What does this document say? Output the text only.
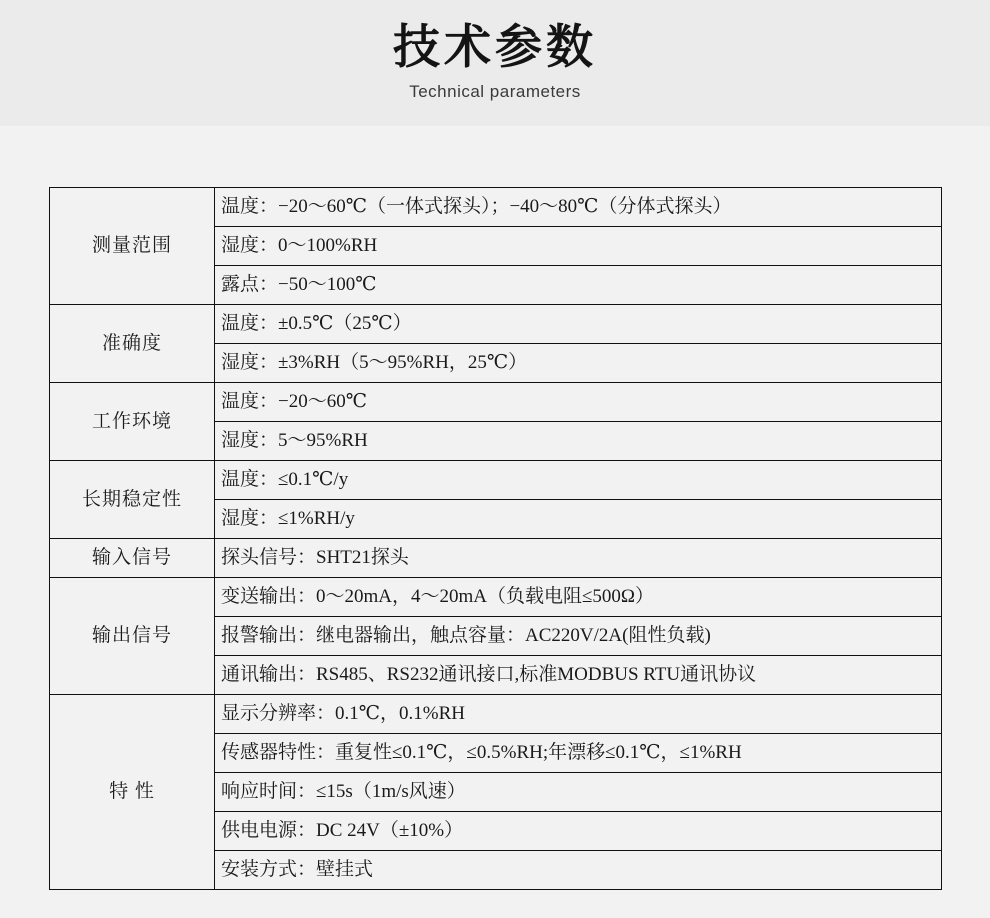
技术参数
Technical parameters
测量范围	温度：−20～60℃（一体式探头）；−40～80℃（分体式探头）
	湿度：0～100%RH
	露点：−50～100℃
准确度	温度：±0.5℃（25℃）
	湿度：±3%RH（5～95%RH，25℃）
工作环境	温度：−20～60℃
	湿度：5～95%RH
长期稳定性	温度：≤0.1℃/y
	湿度：≤1%RH/y
输入信号	探头信号：SHT21探头
输出信号	变送输出：0～20mA，4～20mA（负载电阻≤500Ω）
	报警输出：继电器输出，触点容量：AC220V/2A(阻性负载)
	通讯输出：RS485、RS232通讯接口,标准MODBUS RTU通讯协议
特 性	显示分辨率：0.1℃，0.1%RH
	传感器特性：重复性≤0.1℃，≤0.5%RH;年漂移≤0.1℃，≤1%RH
	响应时间：≤15s（1m/s风速）
	供电电源：DC 24V（±10%）
	安装方式：壁挂式
